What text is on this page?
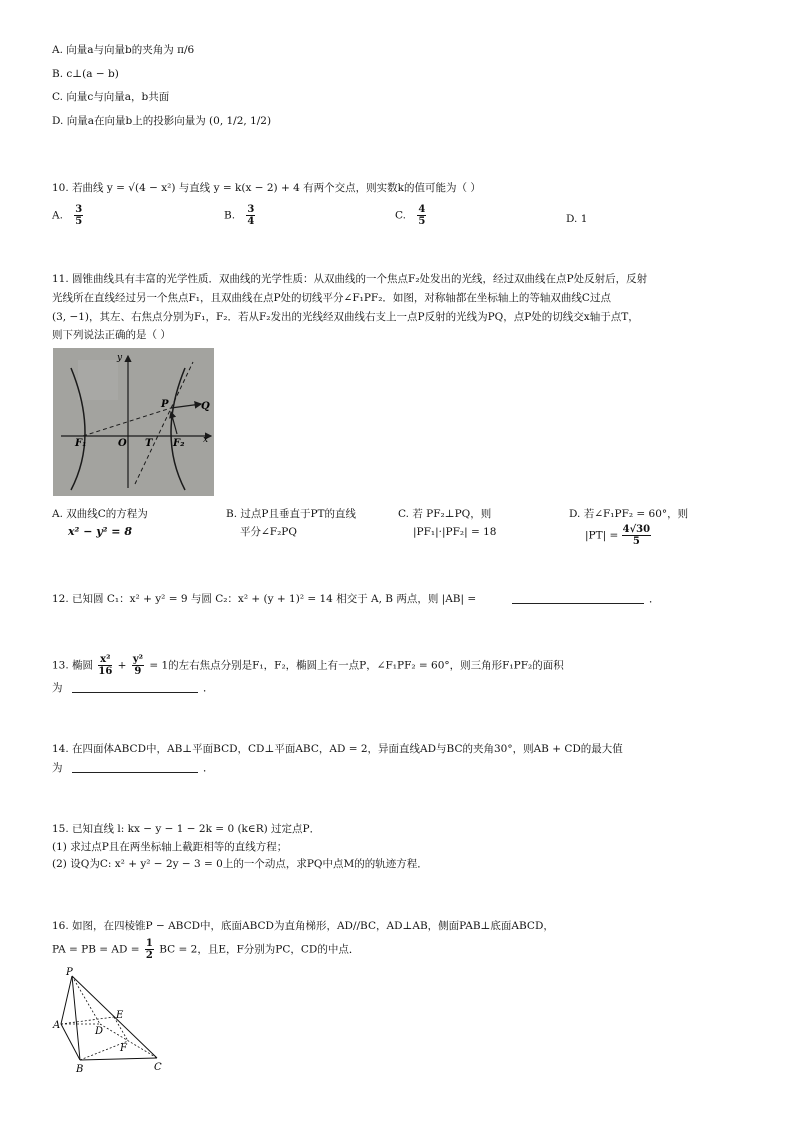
A. 向量a与向量b的夹角为 π/6
B. c⊥(a − b)
C. 向量c与向量a，b共面
D. 向量a在向量b上的投影向量为 (0, 1/2, 1/2)
10. 若曲线 y = √(4 − x²) 与直线 y = k(x − 2) + 4 有两个交点，则实数k的值可能为（ ）
A. $\frac{3}{5}$	B. $\frac{3}{4}$	C. $\frac{4}{5}$	D. 1
11. 圆锥曲线具有丰富的光学性质．双曲线的光学性质：从双曲线的一个焦点F₂处发出的光线，经过双曲线在点P处反射后，反射
光线所在直线经过另一个焦点F₁，且双曲线在点P处的切线平分∠F₁PF₂．如图，对称轴都在坐标轴上的等轴双曲线C过点
(3, −1)，其左、右焦点分别为F₁，F₂．若从F₂发出的光线经双曲线右支上一点P反射的光线为PQ，点P处的切线交x轴于点T，
则下列说法正确的是（ ）
y
P	Q
F₁	O T F₂ x
A. 双曲线C的方程为
x² − y² = 8
B. 过点P且垂直于PT的直线
平分∠F₂PQ
C. 若 PF₂⊥PQ，则
|PF₁|·|PF₂| = 18
D. 若∠F₁PF₂ = 60°，则
$|PT| = \frac{4√30}{5}$
12. 已知圆 C₁：x² + y² = 9 与圆 C₂：x² + (y + 1)² = 14 相交于 A, B 两点，则 |AB| =	．
13. 椭圆 $\frac{\text{x²}}{16} + \frac{\text{y²}}{9} = 1$的左右焦点分别是F₁，F₂，椭圆上有一点P，∠F₁PF₂ = 60°，则三角形F₁PF₂的面积
为	．
14. 在四面体ABCD中，AB⊥平面BCD，CD⊥平面ABC，AD = 2，异面直线AD与BC的夹角30°，则AB + CD的最大值
为	．
15. 已知直线 l: kx − y − 1 − 2k = 0 (k∈R) 过定点P．
(1) 求过点P且在两坐标轴上截距相等的直线方程；
(2) 设Q为C: x² + y² − 2y − 3 = 0上的一个动点，求PQ中点M的的轨迹方程．
16. 如图，在四棱锥P − ABCD中，底面ABCD为直角梯形，AD//BC，AD⊥AB，侧面PAB⊥底面ABCD，
PA = PB = AD = $\frac{1}{2}$ BC = 2，且E，F分别为PC，CD的中点．
P
A
E
D
F
B	C
